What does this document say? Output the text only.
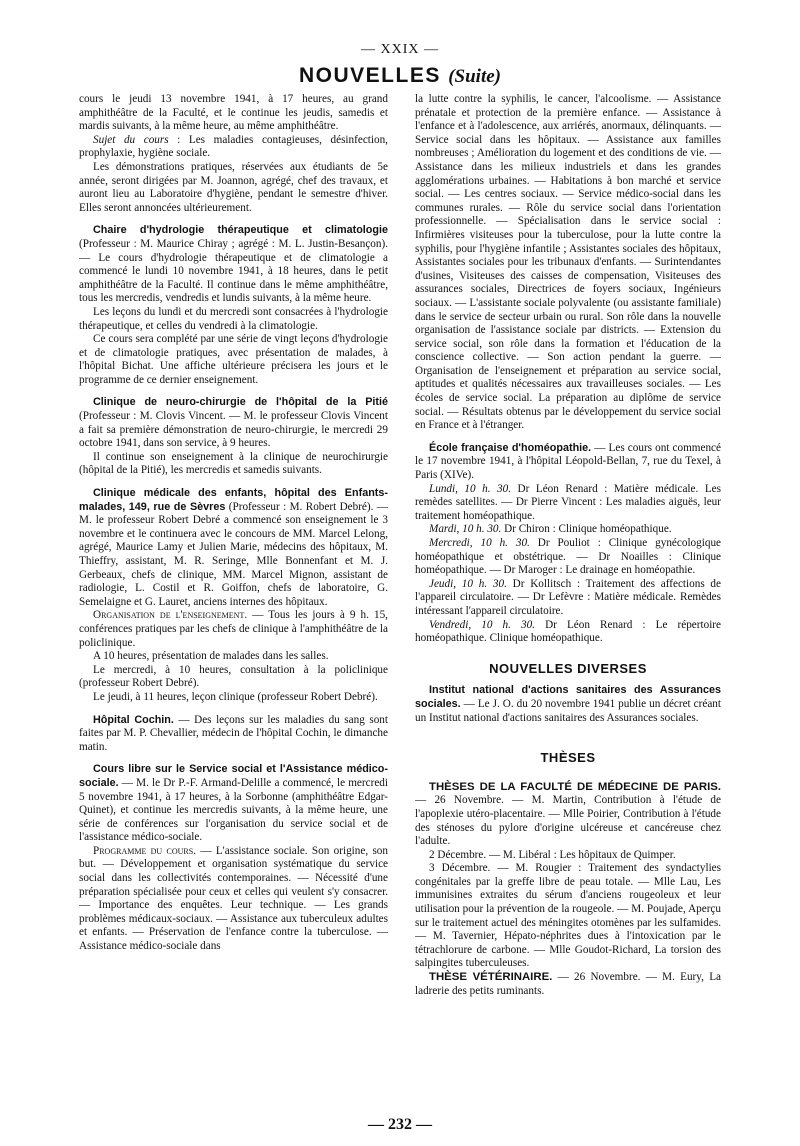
— XXIX —
NOUVELLES (Suite)

cours le jeudi 13 novembre 1941, à 17 heures, au grand amphithéâtre de la Faculté, et le continue les jeudis, samedis et mardis suivants, à la même heure, au même amphithéâtre.

Sujet du cours : Les maladies contagieuses, désinfection, prophylaxie, hygiène sociale.

Les démonstrations pratiques, réservées aux étudiants de 5e année, seront dirigées par M. Joannon, agrégé, chef des travaux, et auront lieu au Laboratoire d'hygiène, pendant le semestre d'hiver. Elles seront annoncées ultérieurement.

Chaire d'hydrologie thérapeutique et climatologie (Professeur : M. Maurice Chiray ; agrégé : M. L. Justin-Besançon). — Le cours d'hydrologie thérapeutique et de climatologie a commencé le lundi 10 novembre 1941, à 18 heures, dans le petit amphithéâtre de la Faculté. Il continue dans le même amphithéâtre, tous les mercredis, vendredis et lundis suivants, à la même heure.

Les leçons du lundi et du mercredi sont consacrées à l'hydrologie thérapeutique, et celles du vendredi à la climatologie.

Ce cours sera complété par une série de vingt leçons d'hydrologie et de climatologie pratiques, avec présentation de malades, à l'hôpital Bichat. Une affiche ultérieure précisera les jours et le programme de ce dernier enseignement.

Clinique de neuro-chirurgie de l'hôpital de la Pitié (Professeur : M. Clovis Vincent. — M. le professeur Clovis Vincent a fait sa première démonstration de neuro-chirurgie, le mercredi 29 octobre 1941, dans son service, à 9 heures.

Il continue son enseignement à la clinique de neurochirurgie (hôpital de la Pitié), les mercredis et samedis suivants.

Clinique médicale des enfants, hôpital des Enfants-malades, 149, rue de Sèvres (Professeur : M. Robert Debré). — M. le professeur Robert Debré a commencé son enseignement le 3 novembre et le continuera avec le concours de MM. Marcel Lelong, agrégé, Maurice Lamy et Julien Marie, médecins des hôpitaux, M. Thieffry, assistant, M. R. Seringe, Mlle Bonnenfant et M. J. Gerbeaux, chefs de clinique, MM. Marcel Mignon, assistant de radiologie, L. Costil et R. Goiffon, chefs de laboratoire, G. Semelaigne et G. Lauret, anciens internes des hôpitaux.

Organisation de l'enseignement. — Tous les jours à 9 h. 15, conférences pratiques par les chefs de clinique à l'amphithéâtre de la policlinique.

A 10 heures, présentation de malades dans les salles.

Le mercredi, à 10 heures, consultation à la policlinique (professeur Robert Debré).

Le jeudi, à 11 heures, leçon clinique (professeur Robert Debré).

Hôpital Cochin. — Des leçons sur les maladies du sang sont faites par M. P. Chevallier, médecin de l'hôpital Cochin, le dimanche matin.

Cours libre sur le Service social et l'Assistance médico-sociale. — M. le Dr P.-F. Armand-Delille a commencé, le mercredi 5 novembre 1941, à 17 heures, à la Sorbonne (amphithéâtre Edgar-Quinet), et continue les mercredis suivants, à la même heure, une série de conférences sur l'organisation du service social et de l'assistance médico-sociale.

Programme du cours. — L'assistance sociale. Son origine, son but. — Développement et organisation systématique du service social dans les collectivités contemporaines. — Nécessité d'une préparation spécialisée pour ceux et celles qui veulent s'y consacrer. — Importance des enquêtes. Leur technique. — Les grands problèmes médicaux-sociaux. — Assistance aux tuberculeux adultes et enfants. — Préservation de l'enfance contre la tuberculose. — Assistance médico-sociale dans

la lutte contre la syphilis, le cancer, l'alcoolisme. — Assistance prénatale et protection de la première enfance. — Assistance à l'enfance et à l'adolescence, aux arriérés, anormaux, délinquants. — Service social dans les hôpitaux. — Assistance aux familles nombreuses ; Amélioration du logement et des conditions de vie. — Assistance dans les milieux industriels et dans les grandes agglomérations urbaines. — Habitations à bon marché et service social. — Les centres sociaux. — Service médico-social dans les communes rurales. — Rôle du service social dans l'orientation professionnelle. — Spécialisation dans le service social : Infirmières visiteuses pour la tuberculose, pour la lutte contre la syphilis, pour l'hygiène infantile ; Assistantes sociales des hôpitaux, Assistantes sociales pour les tribunaux d'enfants. — Surintendantes d'usines, Visiteuses des caisses de compensation, Visiteuses des assurances sociales, Directrices de foyers sociaux, Ingénieurs sociaux. — L'assistante sociale polyvalente (ou assistante familiale) dans le service de secteur urbain ou rural. Son rôle dans la nouvelle organisation de l'assistance sociale par districts. — Extension du service social, son rôle dans la formation et l'éducation de la conscience collective. — Son action pendant la guerre. — Organisation de l'enseignement et préparation au service social, aptitudes et qualités nécessaires aux travailleuses sociales. — Les écoles de service social. La préparation au diplôme de service social. — Résultats obtenus par le développement du service social en France et à l'étranger.

École française d'homéopathie. — Les cours ont commencé le 17 novembre 1941, à l'hôpital Léopold-Bellan, 7, rue du Texel, à Paris (XIVe).

Lundi, 10 h. 30. Dr Léon Renard : Matière médicale. Les remèdes satellites. — Dr Pierre Vincent : Les maladies aiguës, leur traitement homéopathique.

Mardi, 10 h. 30. Dr Chiron : Clinique homéopathique.

Mercredi, 10 h. 30. Dr Pouliot : Clinique gynécologique homéopathique et obstétrique. — Dr Noailles : Clinique homéopathique. — Dr Maroger : Le drainage en homéopathie.

Jeudi, 10 h. 30. Dr Kollitsch : Traitement des affections de l'appareil circulatoire. — Dr Lefèvre : Matière médicale. Remèdes intéressant l'appareil circulatoire.

Vendredi, 10 h. 30. Dr Léon Renard : Le répertoire homéopathique. Clinique homéopathique.

NOUVELLES DIVERSES

Institut national d'actions sanitaires des Assurances sociales. — Le J. O. du 20 novembre 1941 publie un décret créant un Institut national d'actions sanitaires des Assurances sociales.

THÈSES

THÈSES DE LA FACULTÉ DE MÉDECINE DE PARIS. — 26 Novembre. — M. Martin, Contribution à l'étude de l'apoplexie utéro-placentaire. — Mlle Poirier, Contribution à l'étude des sténoses du pylore d'origine ulcéreuse et cancéreuse chez l'adulte.

2 Décembre. — M. Libéral : Les hôpitaux de Quimper.

3 Décembre. — M. Rougier : Traitement des syndactylies congénitales par la greffe libre de peau totale. — Mlle Lau, Les immunisines extraites du sérum d'anciens rougeoleux et leur utilisation pour la prévention de la rougeole. — M. Poujade, Aperçu sur le traitement actuel des méningites otomènes par les sulfamides. — M. Tavernier, Hépato-néphrites dues à l'intoxication par le tétrachlorure de carbone. — Mlle Goudot-Richard, La torsion des salpingites tuberculeuses.

THÈSE VÉTÉRINAIRE. — 26 Novembre. — M. Eury, La ladrerie des petits ruminants.

— 232 —
